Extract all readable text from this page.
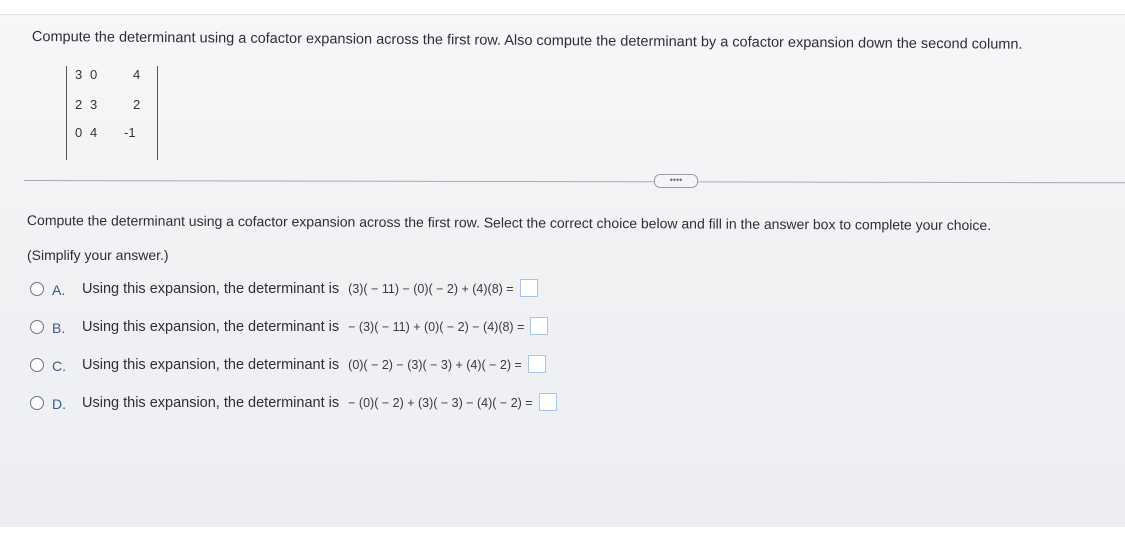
Compute the determinant using a cofactor expansion across the first row. Also compute the determinant by a cofactor expansion down the second column.
3 0	4
2 3	2
0 4 -1
••••
Compute the determinant using a cofactor expansion across the first row. Select the correct choice below and fill in the answer box to complete your choice.
(Simplify your answer.)
A. Using this expansion, the determinant is (3)( − 11) − (0)( − 2) + (4)(8) =
B. Using this expansion, the determinant is − (3)( − 11) + (0)( − 2) − (4)(8) =
C. Using this expansion, the determinant is (0)( − 2) − (3)( − 3) + (4)( − 2) =
D. Using this expansion, the determinant is − (0)( − 2) + (3)( − 3) − (4)( − 2) =
